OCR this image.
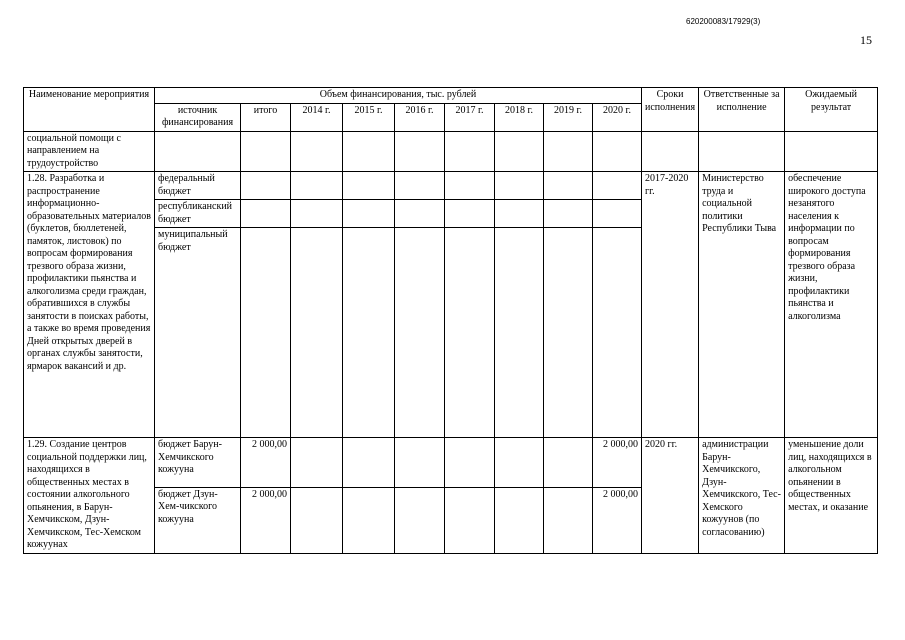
620200083/17929(3)
15
Наименование мероприятия	Объем финансирования, тыс. рублей									Сроки исполнения	Ответственные за исполнение	Ожидаемый результат
	источник финансирования	итого	2014 г.	2015 г.	2016 г.	2017 г.	2018 г.	2019 г.	2020 г.			
социальной помощи с направлением на трудоустройство												
1.28. Разработка и распространение информационно-образовательных материалов (буклетов, бюллетеней, памяток, листовок) по вопросам формирования трезвого образа жизни, профилактики пьянства и алкоголизма среди граждан, обратившихся в службы занятости в поисках работы, а также во время проведения Дней открытых дверей в органах службы занятости, ярмарок вакансий и др.	федеральный бюджет									2017-2020 гг.	Министерство труда и социальной политики Республики Тыва	обеспечение широкого доступа незанятого населения к информации по вопросам формирования трезвого образа жизни, профилактики пьянства и алкоголизма
	республиканский бюджет											
	муниципальный бюджет											
1.29. Создание центров социальной поддержки лиц, находящихся в общественных местах в состоянии алкогольного опьянения, в Барун-Хемчикском, Дзун-Хемчикском, Тес-Хемском кожуунах	бюджет Барун-Хемчикского кожууна	2 000,00							2 000,00	2020 гг.	администрации Барун-Хемчикского, Дзун-Хемчикского, Тес-Хемского кожуунов (по согласованию)	уменьшение доли лиц, находящихся в алкогольном опьянении в общественных местах, и оказание
	бюджет Дзун-Хем-чикского кожууна	2 000,00							2 000,00			
